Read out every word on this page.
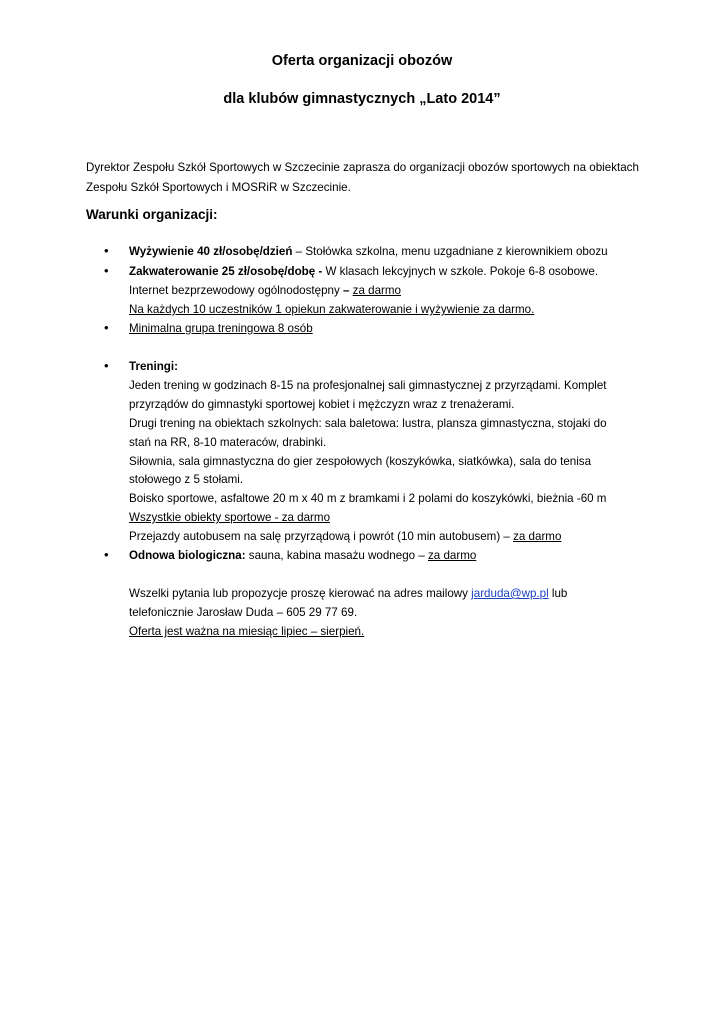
Oferta organizacji obozów
dla klubów gimnastycznych „Lato 2014”
Dyrektor Zespołu Szkół Sportowych w Szczecinie zaprasza do organizacji obozów sportowych na obiektach Zespołu Szkół Sportowych i MOSRiR w Szczecinie.
Warunki organizacji:
• Wyżywienie 40 zł/osobę/dzień – Stołówka szkolna, menu uzgadniane z kierownikiem obozu
• Zakwaterowanie 25 zł/osobę/dobę - W klasach lekcyjnych w szkole. Pokoje 6-8 osobowe.
Internet bezprzewodowy ogólnodostępny – za darmo
Na każdych 10 uczestników 1 opiekun zakwaterowanie i wyżywienie za darmo.
• Minimalna grupa treningowa 8 osób
• Treningi:
Jeden trening w godzinach 8-15 na profesjonalnej sali gimnastycznej z przyrządami. Komplet
przyrządów do gimnastyki sportowej kobiet i mężczyzn wraz z trenażerami.
Drugi trening na obiektach szkolnych: sala baletowa: lustra, plansza gimnastyczna, stojaki do
stań na RR, 8-10 materaców, drabinki.
Siłownia, sala gimnastyczna do gier zespołowych (koszykówka, siatkówka), sala do tenisa
stołowego z 5 stołami.
Boisko sportowe, asfaltowe 20 m x 40 m z bramkami i 2 polami do koszykówki, bieżnia -60 m
Wszystkie obiekty sportowe - za darmo
Przejazdy autobusem na salę przyrządową i powrót (10 min autobusem) – za darmo
• Odnowa biologiczna: sauna, kabina masażu wodnego – za darmo
Wszelki pytania lub propozycje proszę kierować na adres mailowy jarduda@wp.pl lub
telefonicznie Jarosław Duda – 605 29 77 69.
Oferta jest ważna na miesiąc lipiec – sierpień.
